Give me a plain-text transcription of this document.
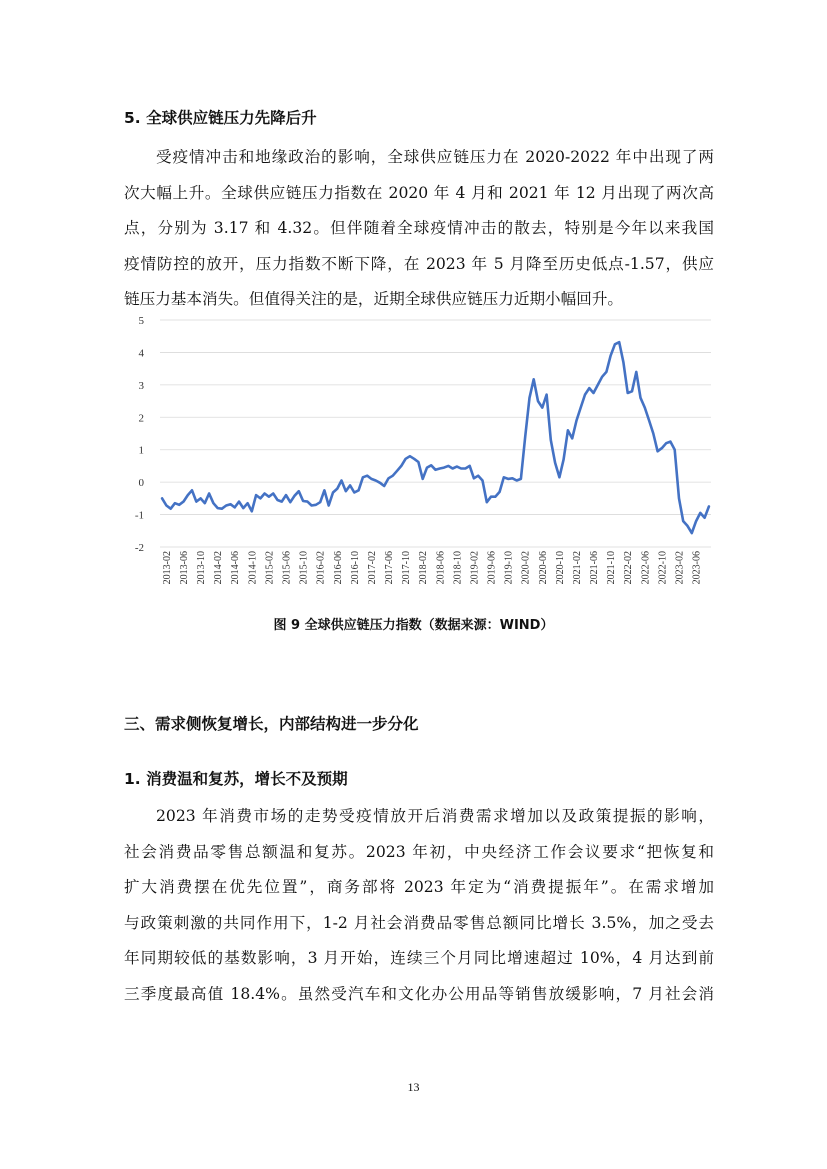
5. 全球供应链压力先降后升
受疫情冲击和地缘政治的影响，全球供应链压力在 2020-2022 年中出现了两
次大幅上升。全球供应链压力指数在 2020 年 4 月和 2021 年 12 月出现了两次高
点，分别为 3.17 和 4.32。但伴随着全球疫情冲击的散去，特别是今年以来我国
疫情防控的放开，压力指数不断下降，在 2023 年 5 月降至历史低点-1.57，供应
链压力基本消失。但值得关注的是，近期全球供应链压力近期小幅回升。
-2
-1
0
1
2
3
4
5
2013-02 2013-06 2013-10 2014-02 2014-06 2014-10 2015-02 2015-06 2015-10 2016-02 2016-06 2016-10 2017-02 2017-06 2017-10 2018-02 2018-06 2018-10 2019-02 2019-06 2019-10 2020-02 2020-06 2020-10 2021-02 2021-06 2021-10 2022-02 2022-06 2022-10 2023-02 2023-06
图 9 全球供应链压力指数（数据来源：WIND）
三、需求侧恢复增长，内部结构进一步分化
1. 消费温和复苏，增长不及预期
2023 年消费市场的走势受疫情放开后消费需求增加以及政策提振的影响，
社会消费品零售总额温和复苏。2023 年初，中央经济工作会议要求“把恢复和
扩大消费摆在优先位置”，商务部将 2023 年定为“消费提振年”。在需求增加
与政策刺激的共同作用下，1-2 月社会消费品零售总额同比增长 3.5%，加之受去
年同期较低的基数影响，3 月开始，连续三个月同比增速超过 10%，4 月达到前
三季度最高值 18.4%。虽然受汽车和文化办公用品等销售放缓影响，7 月社会消
13
